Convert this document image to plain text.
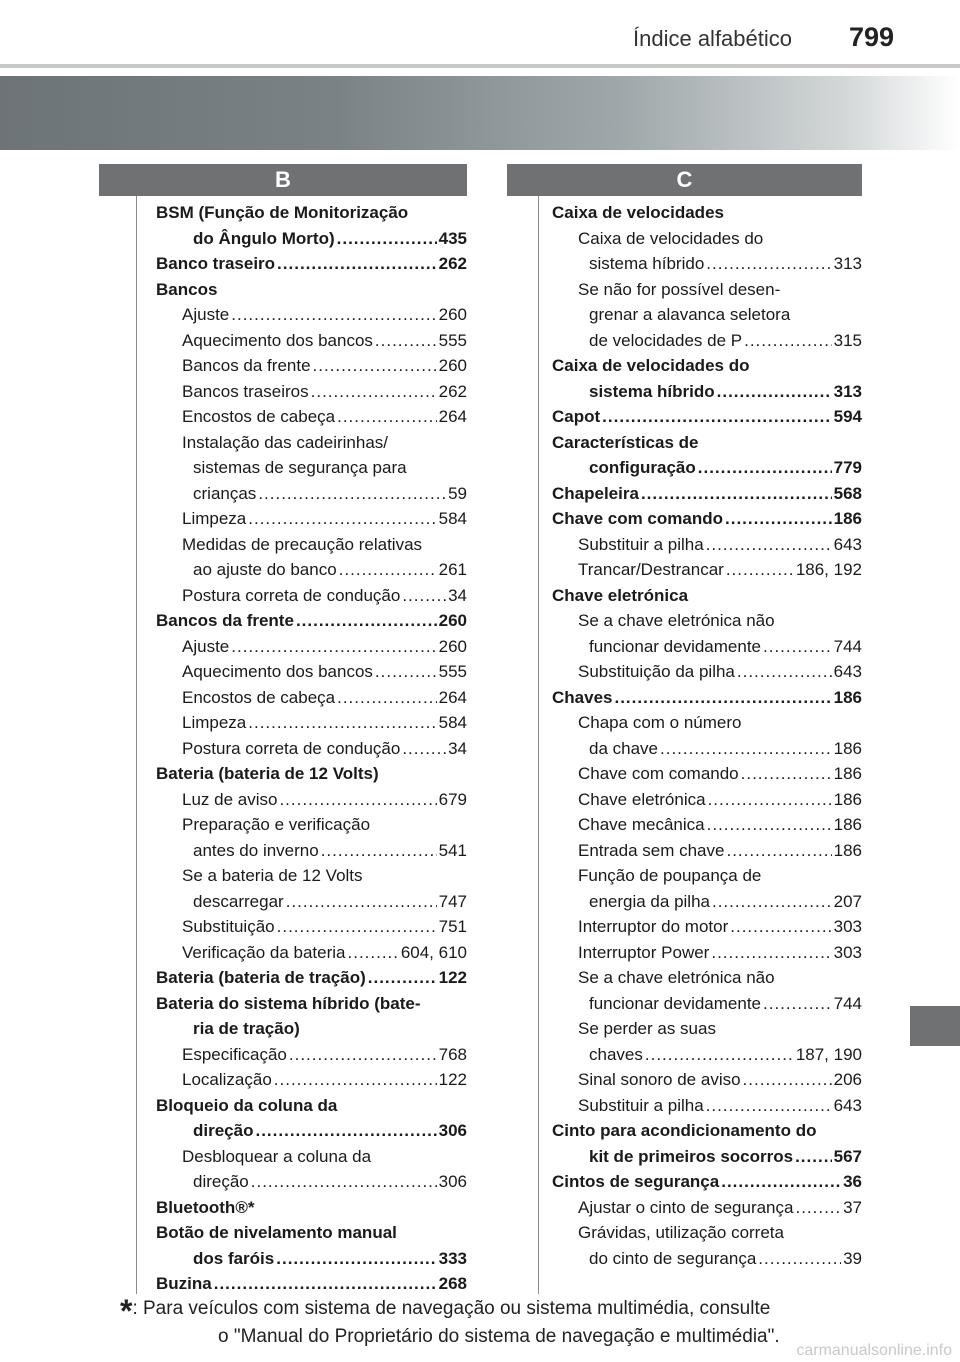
Índice alfabético 799
B	C
BSM (Função de Monitorização
do Ângulo Morto) .....	435
Banco traseiro .....	262
Bancos
Ajuste .....	260
Aquecimento dos bancos .....	555
Bancos da frente .....	260
Bancos traseiros .....	262
Encostos de cabeça .....	264
Instalação das cadeirinhas/
sistemas de segurança para
crianças .....	59
Limpeza .....	584
Medidas de precaução relativas
ao ajuste do banco .....	261
Postura correta de condução .....	34
Bancos da frente .....	260
Ajuste .....	260
Aquecimento dos bancos .....	555
Encostos de cabeça .....	264
Limpeza .....	584
Postura correta de condução .....	34
Bateria (bateria de 12 Volts)
Luz de aviso .....	679
Preparação e verificação
antes do inverno .....	541
Se a bateria de 12 Volts
descarregar .....	747
Substituição .....	751
Verificação da bateria .....	604, 610
Bateria (bateria de tração) .....	122
Bateria do sistema híbrido (bate-
ria de tração)
Especificação .....	768
Localização .....	122
Bloqueio da coluna da
direção .....	306
Desbloquear a coluna da
direção .....	306
Bluetooth®*
Botão de nivelamento manual
dos faróis .....	333
Buzina .....	268
Caixa de velocidades
Caixa de velocidades do
sistema híbrido .....	313
Se não for possível desen-
grenar a alavanca seletora
de velocidades de P .....	315
Caixa de velocidades do
sistema híbrido .....	313
Capot .....	594
Características de
configuração .....	779
Chapeleira .....	568
Chave com comando .....	186
Substituir a pilha .....	643
Trancar/Destrancar .....	186, 192
Chave eletrónica
Se a chave eletrónica não
funcionar devidamente .....	744
Substituição da pilha .....	643
Chaves .....	186
Chapa com o número
da chave .....	186
Chave com comando .....	186
Chave eletrónica .....	186
Chave mecânica .....	186
Entrada sem chave .....	186
Função de poupança de
energia da pilha .....	207
Interruptor do motor .....	303
Interruptor Power .....	303
Se a chave eletrónica não
funcionar devidamente .....	744
Se perder as suas
chaves .....	187, 190
Sinal sonoro de aviso .....	206
Substituir a pilha .....	643
Cinto para acondicionamento do
kit de primeiros socorros ..... 567
Cintos de segurança .....	36
Ajustar o cinto de segurança .....	37
Grávidas, utilização correta
do cinto de segurança .....	39
*: Para veículos com sistema de navegação ou sistema multimédia, consulte
o "Manual do Proprietário do sistema de navegação e multimédia".
carmanualsonline.info
